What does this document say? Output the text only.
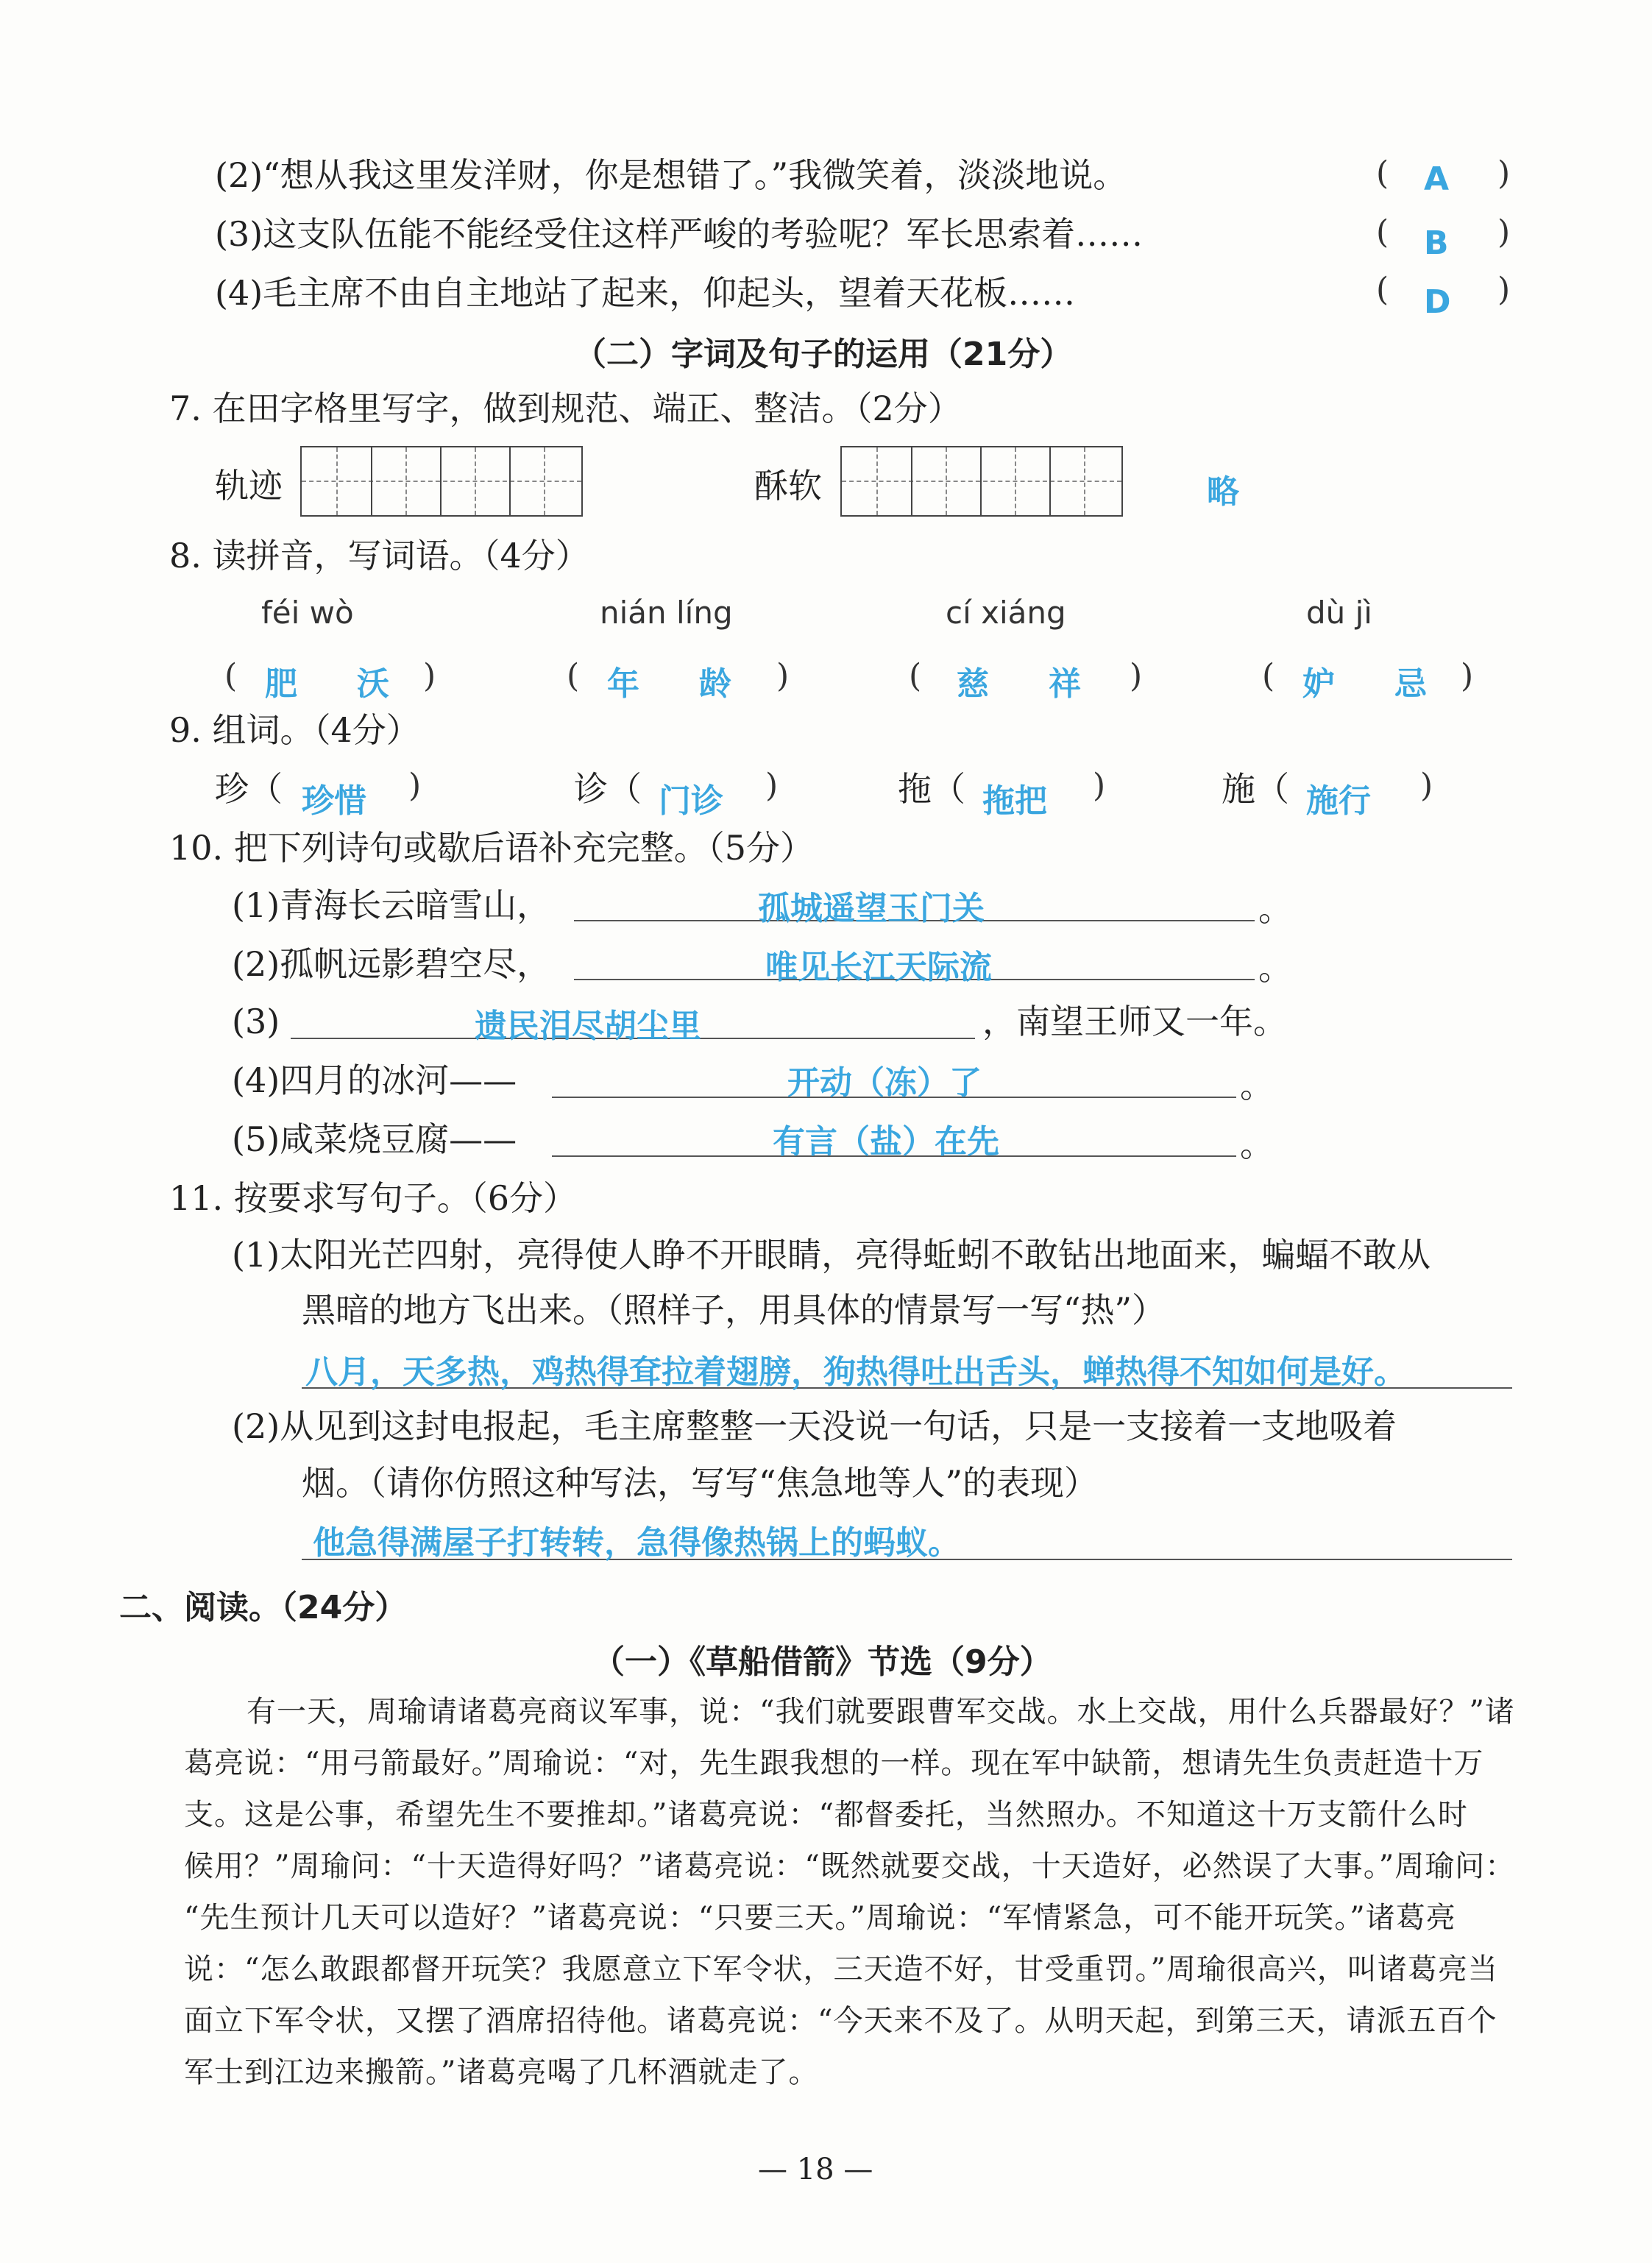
(2)“想从我这里发洋财，你是想错了。”我微笑着，淡淡地说。	( A )
(3)这支队伍能不能经受住这样严峻的考验呢？军长思索着……	( B )
(4)毛主席不由自主地站了起来，仰起头，望着天花板……	( D )
（二）字词及句子的运用（21分）
7. 在田字格里写字，做到规范、端正、整洁。（2分）
轨迹	酥软	略
8. 读拼音，写词语。（4分）
féi wò	nián líng	cí xiáng	dù jì
( 肥 沃 )	( 年 龄 )	( 慈 祥 )	( 妒 忌 )
9. 组词。（4分）
珍（ 珍惜 )	诊（ 门诊 )	拖（ 拖把 )	施（ 施行 )
10. 把下列诗句或歇后语补充完整。（5分）
(1)青海长云暗雪山，	孤城遥望玉门关	。
(2)孤帆远影碧空尽，	唯见长江天际流	。
(3)	遗民泪尽胡尘里	，南望王师又一年。
(4)四月的冰河——	开动（冻）了	。
(5)咸菜烧豆腐——	有言（盐）在先	。
11. 按要求写句子。（6分）
(1)太阳光芒四射，亮得使人睁不开眼睛，亮得蚯蚓不敢钻出地面来，蝙蝠不敢从
黑暗的地方飞出来。（照样子，用具体的情景写一写“热”）
八月，天多热，鸡热得耷拉着翅膀，狗热得吐出舌头，蝉热得不知如何是好。
(2)从见到这封电报起，毛主席整整一天没说一句话，只是一支接着一支地吸着
烟。（请你仿照这种写法，写写“焦急地等人”的表现）
他急得满屋子打转转，急得像热锅上的蚂蚁。
二、阅读。（24分）
（一）《草船借箭》节选（9分）
有一天，周瑜请诸葛亮商议军事，说：“我们就要跟曹军交战。水上交战，用什么兵器最好？”诸
葛亮说：“用弓箭最好。”周瑜说：“对，先生跟我想的一样。现在军中缺箭，想请先生负责赶造十万
支。这是公事，希望先生不要推却。”诸葛亮说：“都督委托，当然照办。不知道这十万支箭什么时
候用？”周瑜问：“十天造得好吗？”诸葛亮说：“既然就要交战，十天造好，必然误了大事。”周瑜问：
“先生预计几天可以造好？”诸葛亮说：“只要三天。”周瑜说：“军情紧急，可不能开玩笑。”诸葛亮
说：“怎么敢跟都督开玩笑？我愿意立下军令状，三天造不好，甘受重罚。”周瑜很高兴，叫诸葛亮当
面立下军令状，又摆了酒席招待他。诸葛亮说：“今天来不及了。从明天起，到第三天，请派五百个
军士到江边来搬箭。”诸葛亮喝了几杯酒就走了。
— 18 —
